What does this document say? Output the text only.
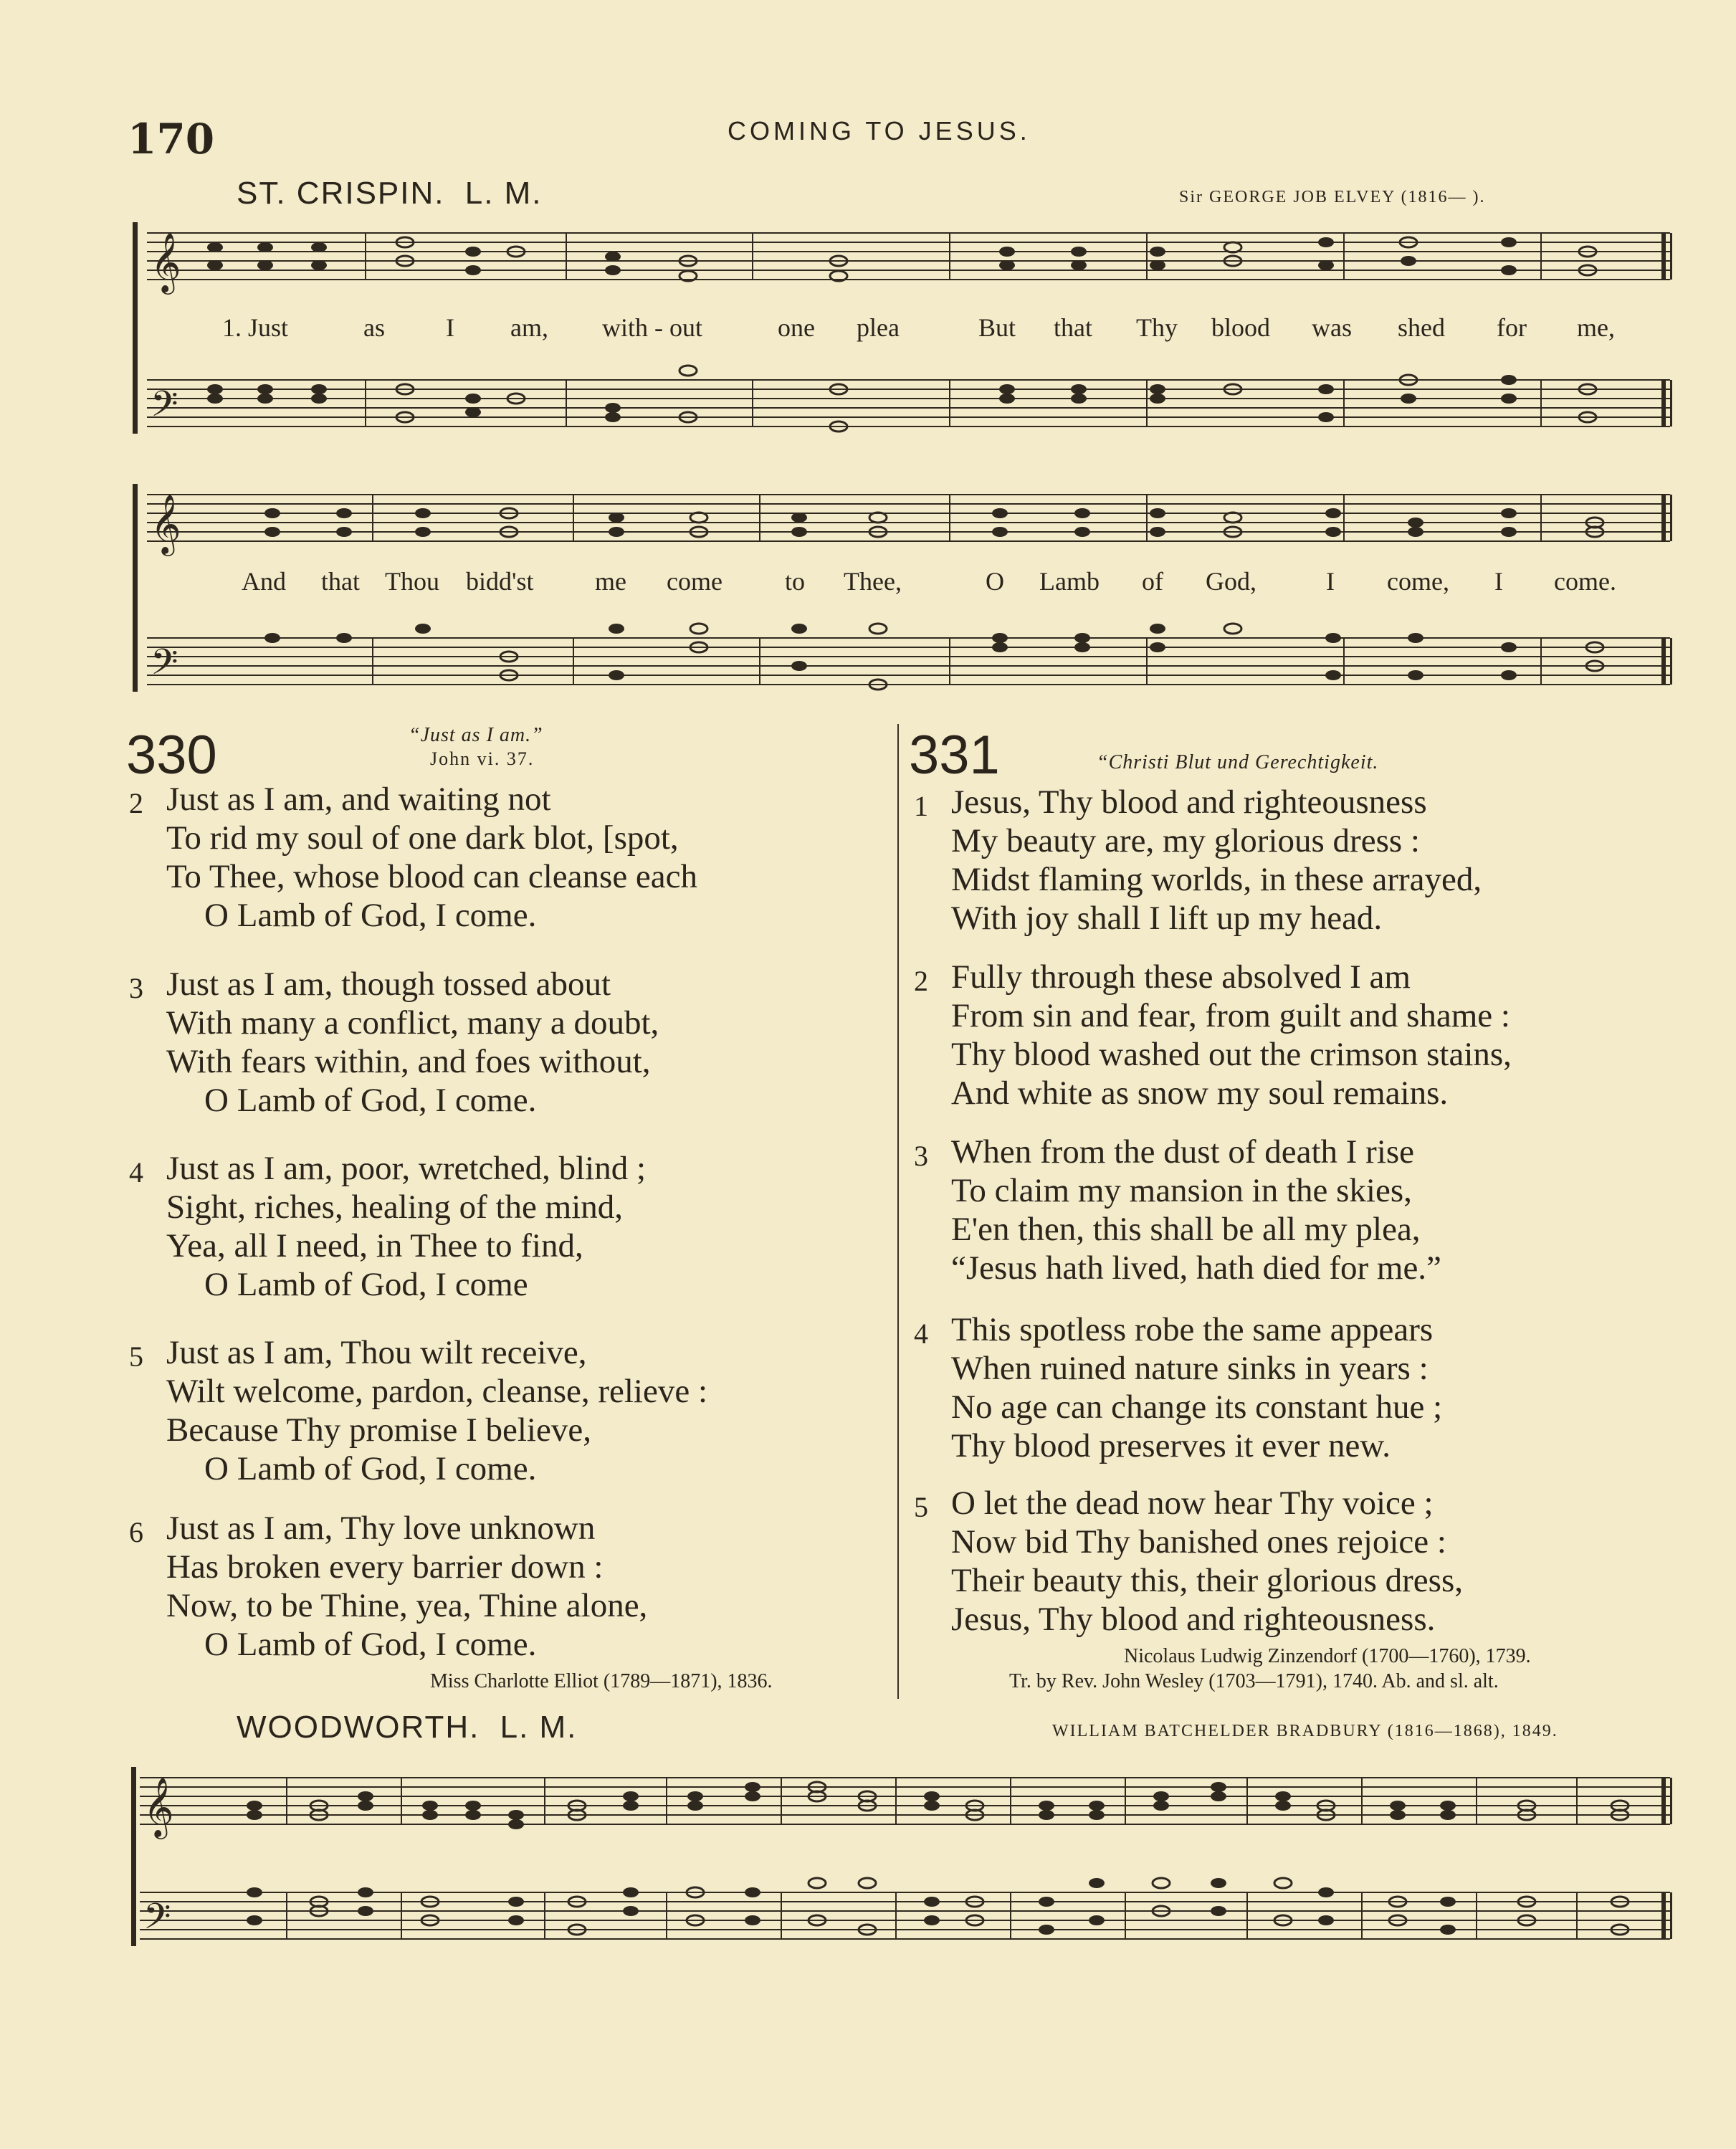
170	COMING TO JESUS.
ST. CRISPIN. L. M.	Sir GEORGE JOB ELVEY (1816— ).
𝄞
𝄞
𝄢
𝄢
1. Just	as I am, with - out	one plea	But that Thy blood was shed for me,
And that Thou bidd'st me come to Thee,	O Lamb of God,	I come, I come.
330	“Just as I am.”
John vi. 37.
2 Just as I am, and waiting not
To rid my soul of one dark blot, [spot,
To Thee, whose blood can cleanse each
O Lamb of God, I come.
3 Just as I am, though tossed about
With many a conflict, many a doubt,
With fears within, and foes without,
O Lamb of God, I come.
4 Just as I am, poor, wretched, blind ;
Sight, riches, healing of the mind,
Yea, all I need, in Thee to find,
O Lamb of God, I come
5 Just as I am, Thou wilt receive,
Wilt welcome, pardon, cleanse, relieve :
Because Thy promise I believe,
O Lamb of God, I come.
6 Just as I am, Thy love unknown
Has broken every barrier down :
Now, to be Thine, yea, Thine alone,
O Lamb of God, I come.
Miss Charlotte Elliot (1789—1871), 1836.
331	“Christi Blut und Gerechtigkeit.
1 Jesus, Thy blood and righteousness
My beauty are, my glorious dress :
Midst flaming worlds, in these arrayed,
With joy shall I lift up my head.
2 Fully through these absolved I am
From sin and fear, from guilt and shame :
Thy blood washed out the crimson stains,
And white as snow my soul remains.
3 When from the dust of death I rise
To claim my mansion in the skies,
E'en then, this shall be all my plea,
“Jesus hath lived, hath died for me.”
4 This spotless robe the same appears
When ruined nature sinks in years :
No age can change its constant hue ;
Thy blood preserves it ever new.
5 O let the dead now hear Thy voice ;
Now bid Thy banished ones rejoice :
Their beauty this, their glorious dress,
Jesus, Thy blood and righteousness.
Nicolaus Ludwig Zinzendorf (1700—1760), 1739.
Tr. by Rev. John Wesley (1703—1791), 1740. Ab. and sl. alt.
WOODWORTH. L. M.	WILLIAM BATCHELDER BRADBURY (1816—1868), 1849.
𝄞
𝄢
